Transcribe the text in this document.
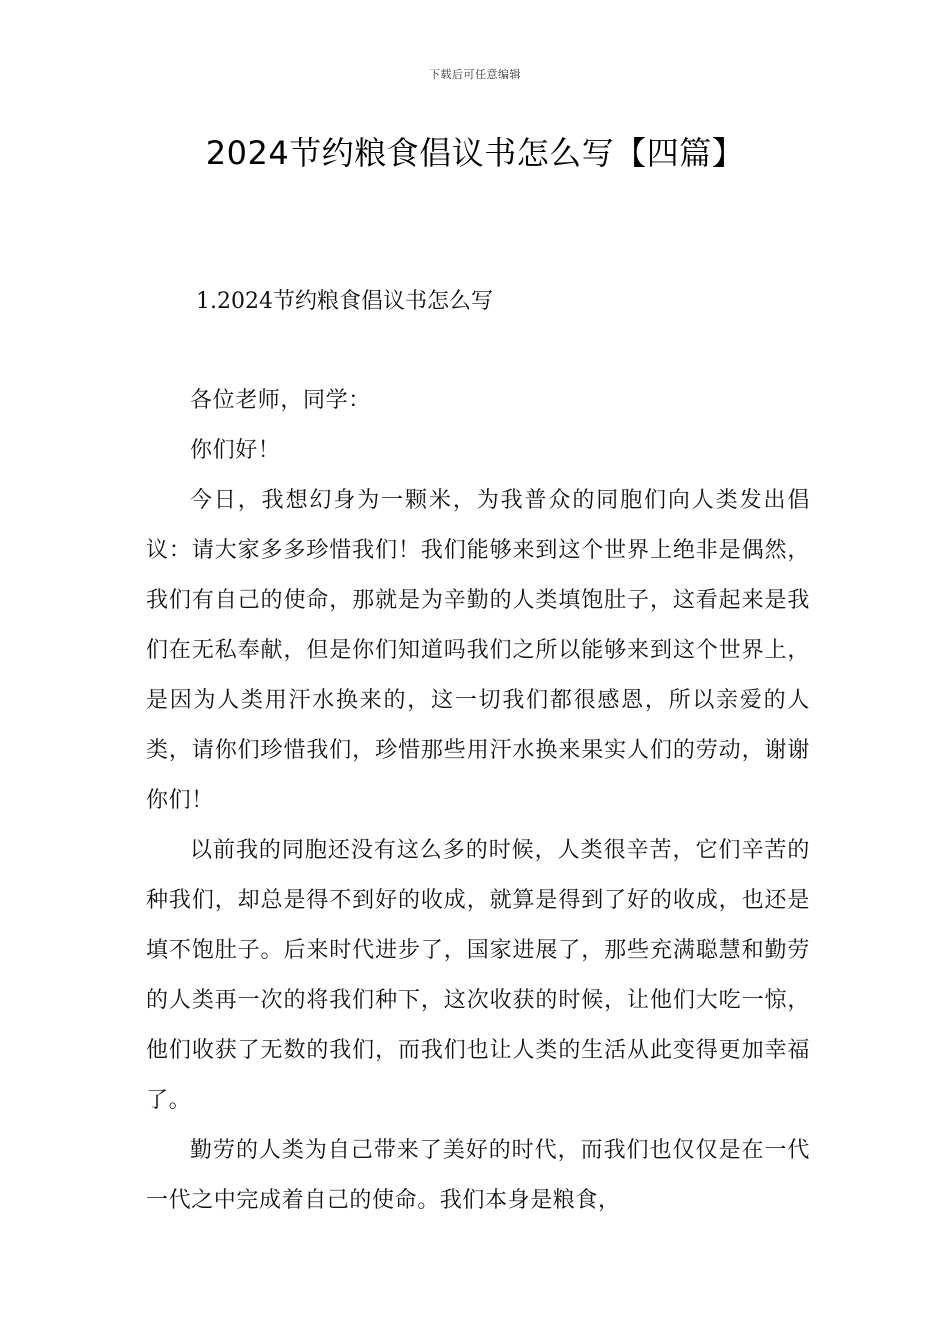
下载后可任意编辑
2024节约粮食倡议书怎么写【四篇】
1.2024节约粮食倡议书怎么写

各位老师，同学：

你们好！

今日，我想幻身为一颗米，为我普众的同胞们向人类发出倡议：请大家多多珍惜我们！我们能够来到这个世界上绝非是偶然，我们有自己的使命，那就是为辛勤的人类填饱肚子，这看起来是我们在无私奉献，但是你们知道吗我们之所以能够来到这个世界上，是因为人类用汗水换来的，这一切我们都很感恩，所以亲爱的人类，请你们珍惜我们，珍惜那些用汗水换来果实人们的劳动，谢谢你们！

以前我的同胞还没有这么多的时候，人类很辛苦，它们辛苦的种我们，却总是得不到好的收成，就算是得到了好的收成，也还是填不饱肚子。后来时代进步了，国家进展了，那些充满聪慧和勤劳的人类再一次的将我们种下，这次收获的时候，让他们大吃一惊，他们收获了无数的我们，而我们也让人类的生活从此变得更加幸福了。

勤劳的人类为自己带来了美好的时代，而我们也仅仅是在一代一代之中完成着自己的使命。我们本身是粮食，
